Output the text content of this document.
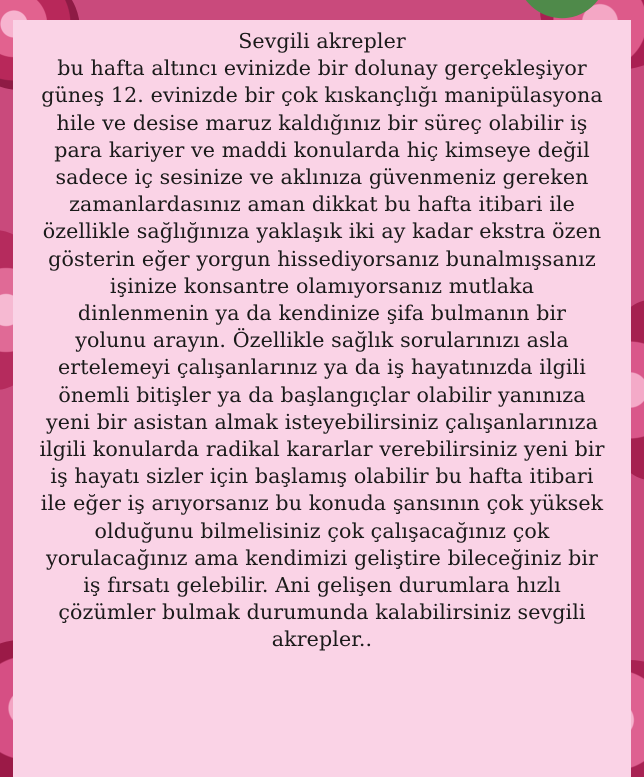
Sevgili akrepler
bu hafta altıncı evinizde bir dolunay gerçekleşiyor
güneş 12. evinizde bir çok kıskançlığı manipülasyona
hile ve desise maruz kaldığınız bir süreç olabilir iş
para kariyer ve maddi konularda hiç kimseye değil
sadece iç sesinize ve aklınıza güvenmeniz gereken
zamanlardasınız aman dikkat bu hafta itibari ile
özellikle sağlığınıza yaklaşık iki ay kadar ekstra özen
gösterin eğer yorgun hissediyorsanız bunalmışsanız
işinize konsantre olamıyorsanız mutlaka
dinlenmenin ya da kendinize şifa bulmanın bir
yolunu arayın. Özellikle sağlık sorularınızı asla
ertelemeyi çalışanlarınız ya da iş hayatınızda ilgili
önemli bitişler ya da başlangıçlar olabilir yanınıza
yeni bir asistan almak isteyebilirsiniz çalışanlarınıza
ilgili konularda radikal kararlar verebilirsiniz yeni bir
iş hayatı sizler için başlamış olabilir bu hafta itibari
ile eğer iş arıyorsanız bu konuda şansının çok yüksek
olduğunu bilmelisiniz çok çalışacağınız çok
yorulacağınız ama kendimizi geliştire bileceğiniz bir
iş fırsatı gelebilir. Ani gelişen durumlara hızlı
çözümler bulmak durumunda kalabilirsiniz sevgili
akrepler..
